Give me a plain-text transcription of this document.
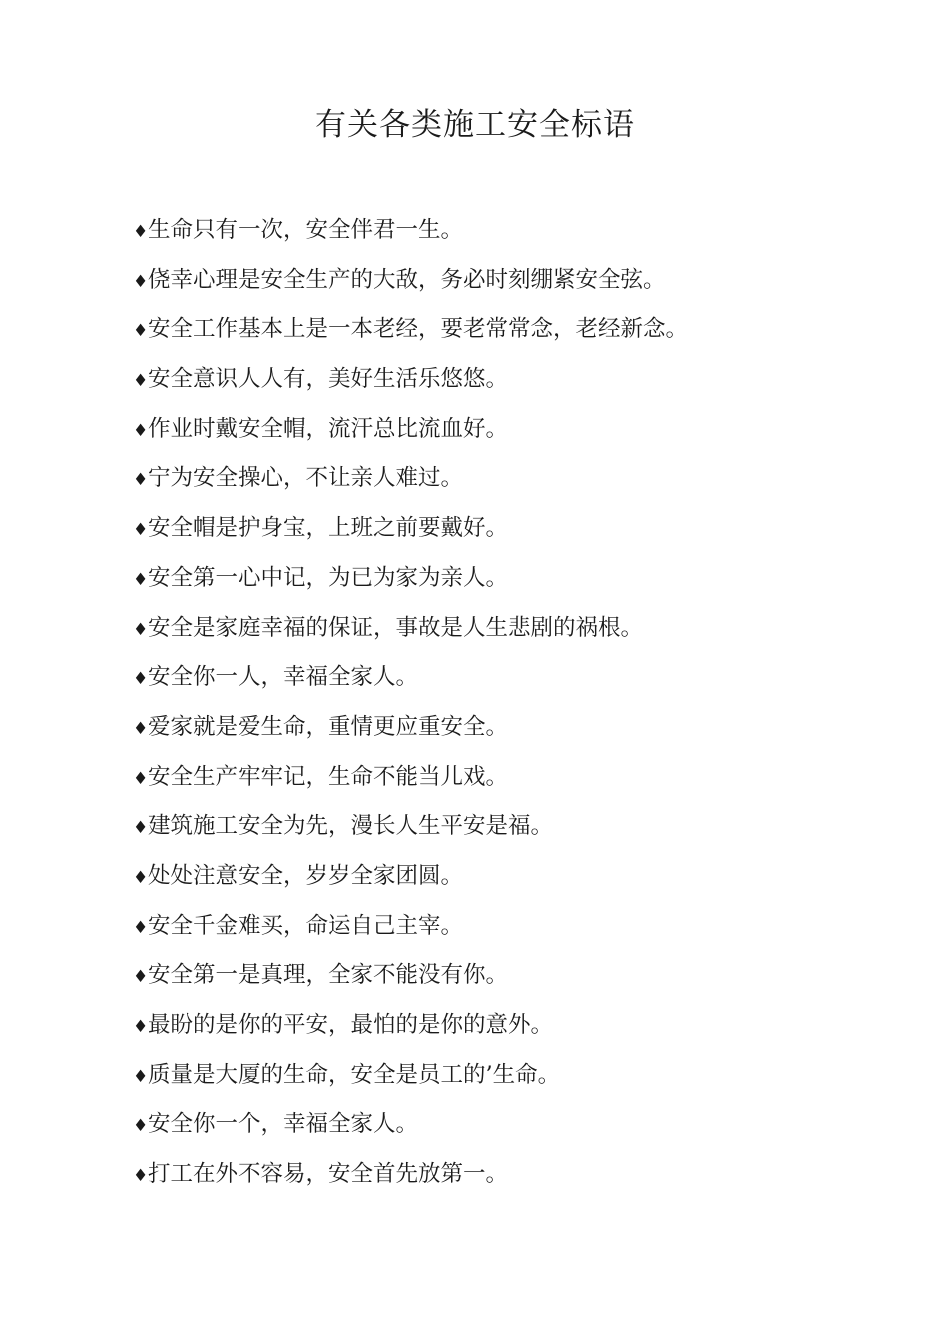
有关各类施工安全标语
♦生命只有一次，安全伴君一生。
♦侥幸心理是安全生产的大敌，务必时刻绷紧安全弦。
♦安全工作基本上是一本老经，要老常常念，老经新念。
♦安全意识人人有，美好生活乐悠悠。
♦作业时戴安全帽，流汗总比流血好。
♦宁为安全操心，不让亲人难过。
♦安全帽是护身宝，上班之前要戴好。
♦安全第一心中记，为已为家为亲人。
♦安全是家庭幸福的保证，事故是人生悲剧的祸根。
♦安全你一人，幸福全家人。
♦爱家就是爱生命，重情更应重安全。
♦安全生产牢牢记，生命不能当儿戏。
♦建筑施工安全为先，漫长人生平安是福。
♦处处注意安全，岁岁全家团圆。
♦安全千金难买，命运自己主宰。
♦安全第一是真理，全家不能没有你。
♦最盼的是你的平安，最怕的是你的意外。
♦质量是大厦的生命，安全是员工的’生命。
♦安全你一个，幸福全家人。
♦打工在外不容易，安全首先放第一。
